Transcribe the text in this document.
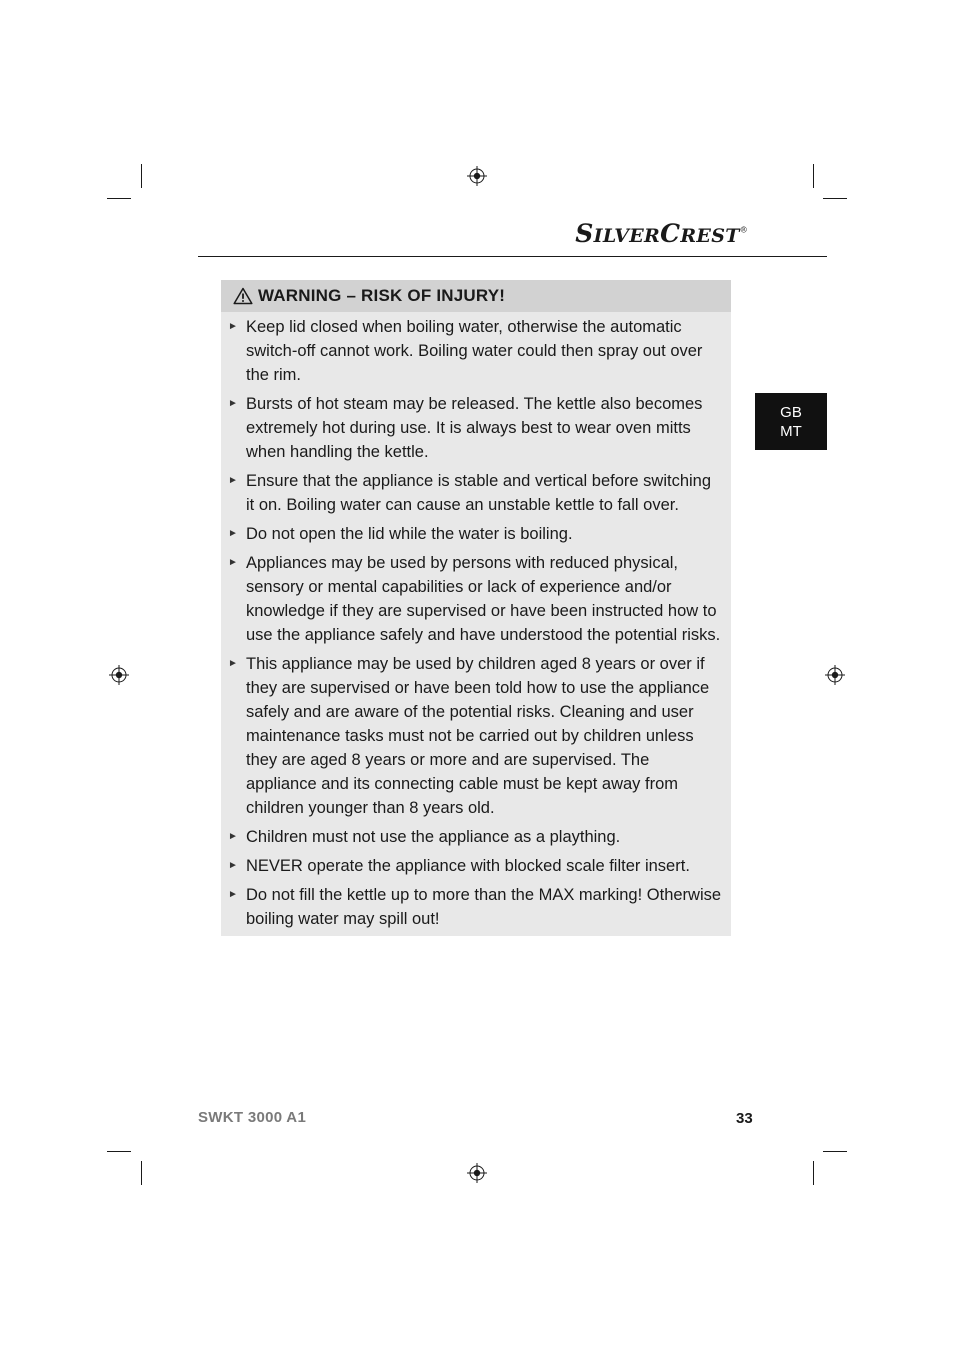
SILVERCREST®
GB
MT
WARNING – RISK OF INJURY!
► Keep lid closed when boiling water, otherwise the automatic switch-off cannot work. Boiling water could then spray out over the rim.
► Bursts of hot steam may be released. The kettle also becomes extremely hot during use. It is always best to wear oven mitts when handling the kettle.
► Ensure that the appliance is stable and vertical before switching it on. Boiling water can cause an unstable kettle to fall over.
► Do not open the lid while the water is boiling.
► Appliances may be used by persons with reduced physical, sensory or mental capabilities or lack of experience and/or knowledge if they are supervised or have been instructed how to use the appliance safely and have understood the potential risks.
► This appliance may be used by children aged 8 years or over if they are supervised or have been told how to use the appliance safely and are aware of the potential risks. Cleaning and user maintenance tasks must not be carried out by children unless they are aged 8 years or more and are supervised. The appliance and its connecting cable must be kept away from children younger than 8 years old.
► Children must not use the appliance as a plaything.
► NEVER operate the appliance with blocked scale filter insert.
► Do not fill the kettle up to more than the MAX marking! Otherwise boiling water may spill out!
SWKT 3000 A1	33
